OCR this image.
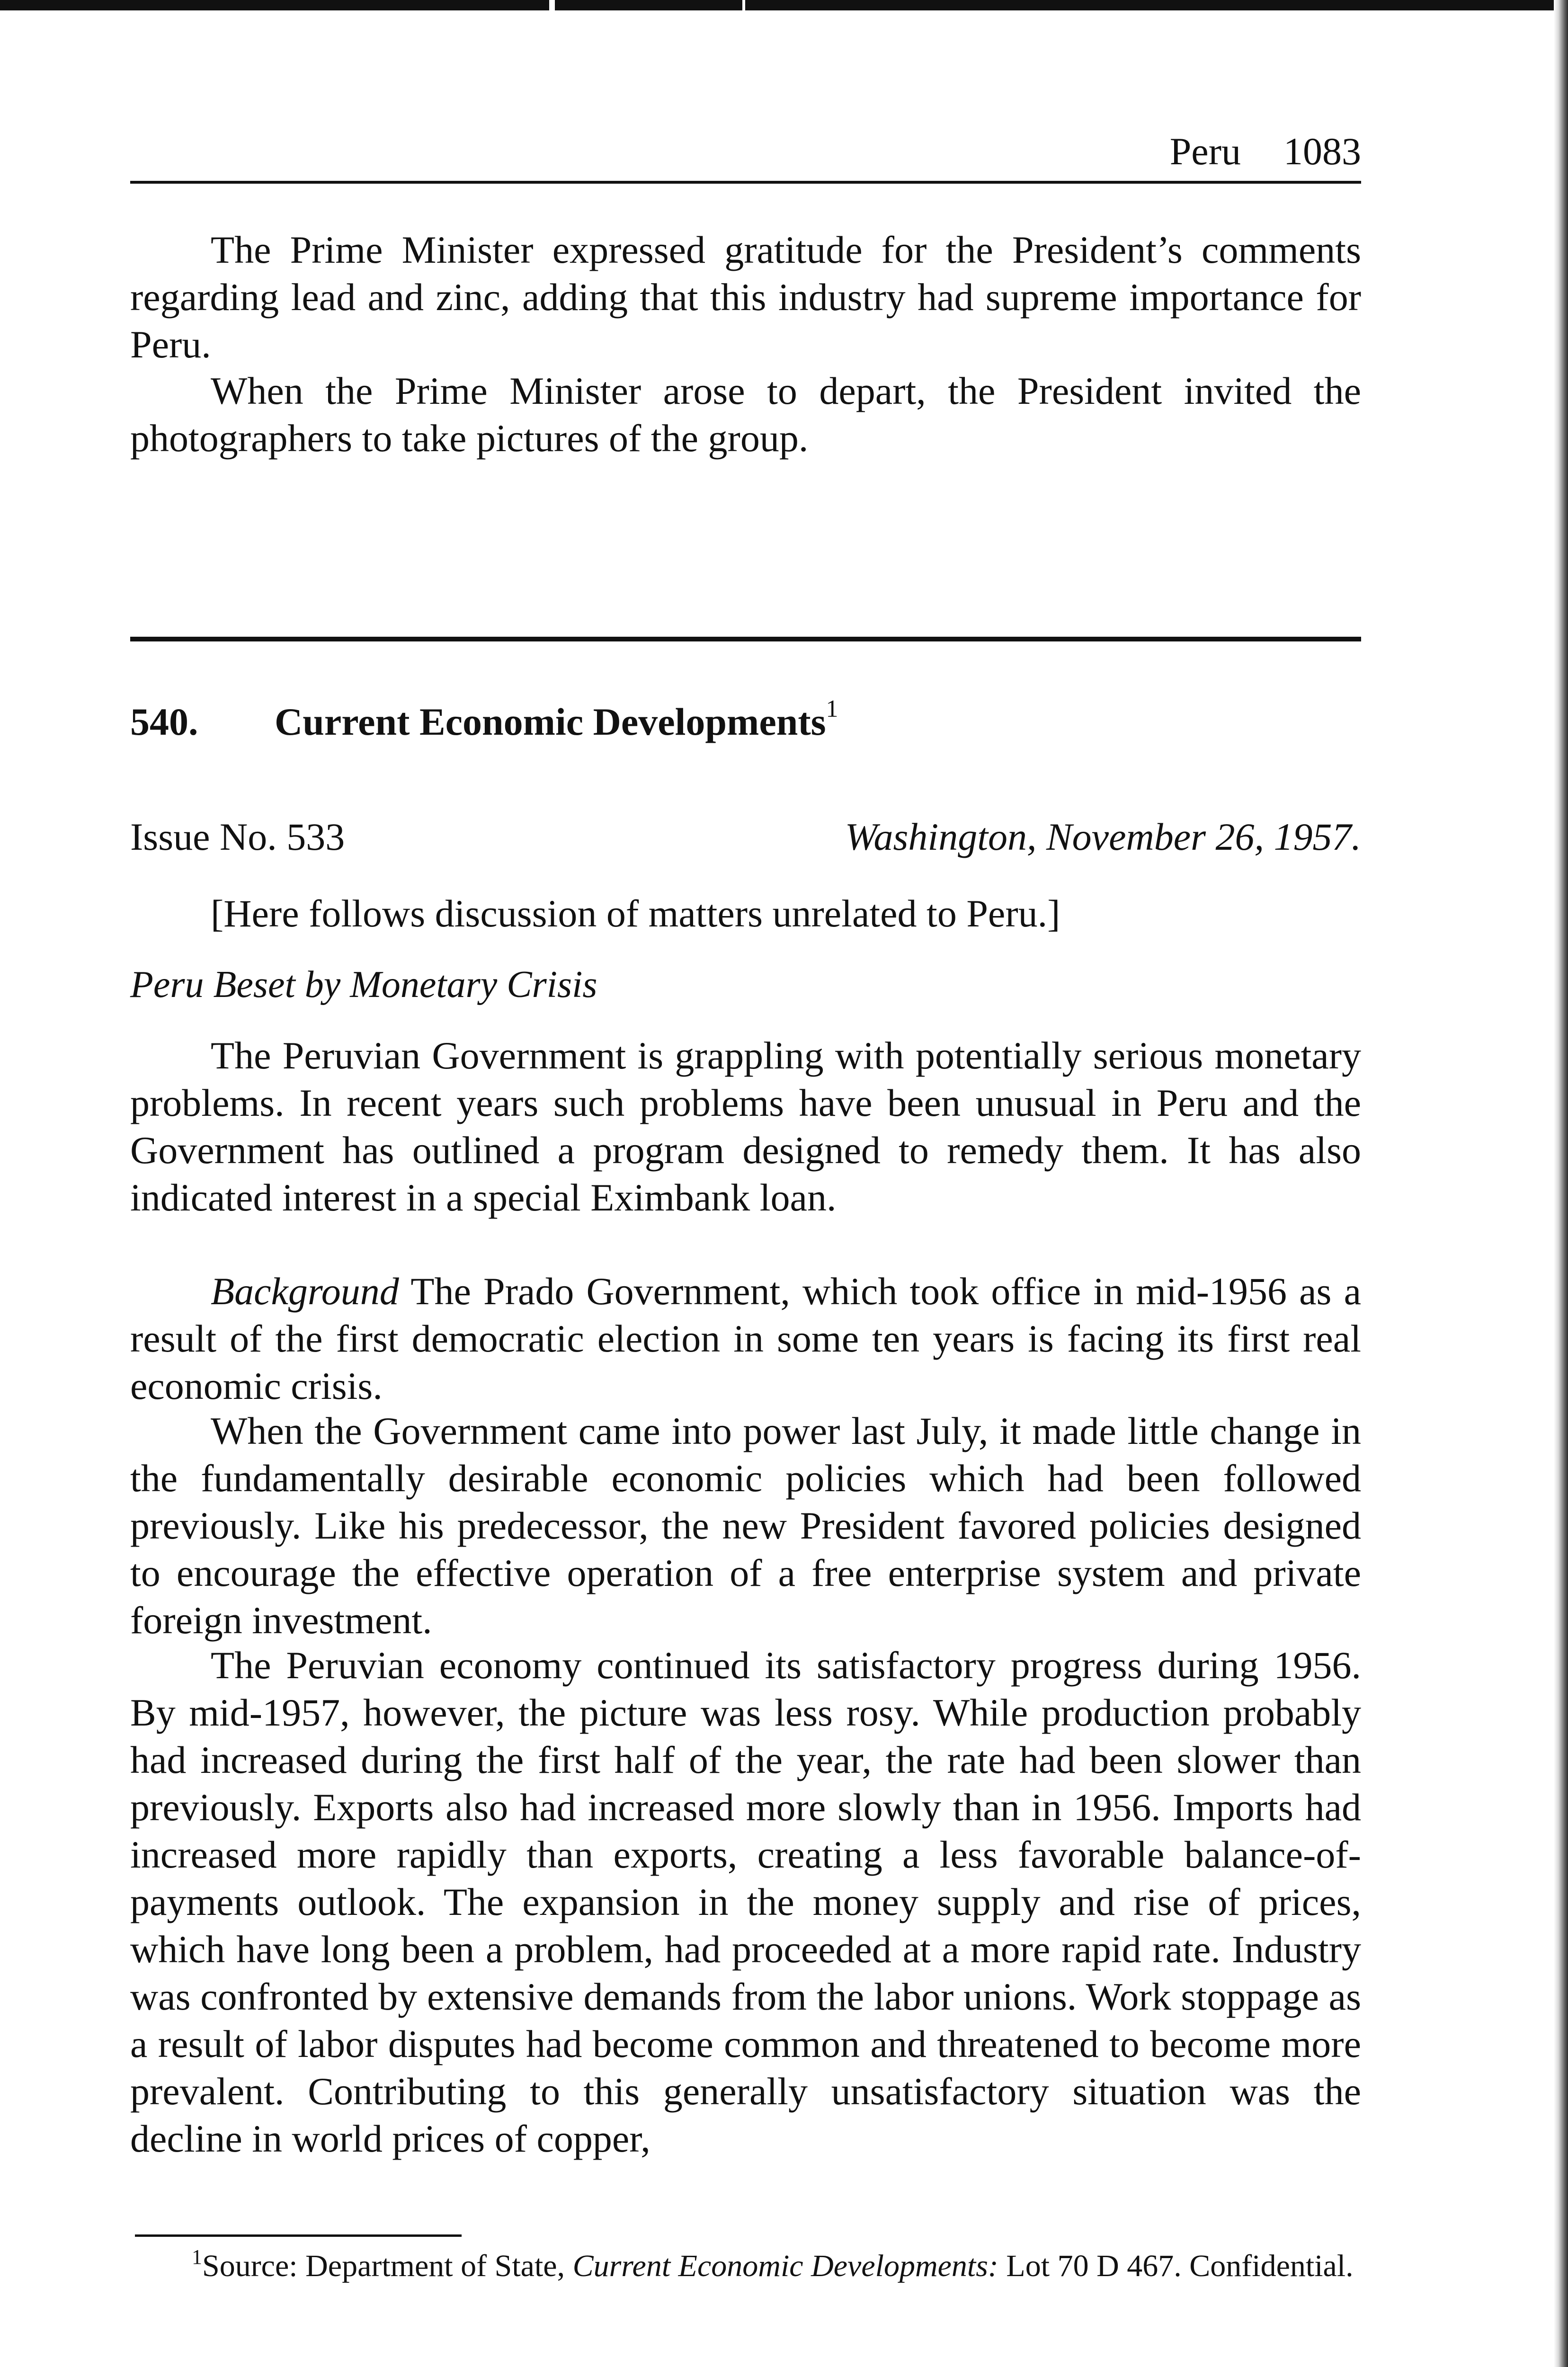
Peru 1083

The Prime Minister expressed gratitude for the President’s comments regarding lead and zinc, adding that this industry had supreme importance for Peru.

When the Prime Minister arose to depart, the President invited the photographers to take pictures of the group.

540. Current Economic Developments$^1$
Issue No. 533	Washington, November 26, 1957.
[Here follows discussion of matters unrelated to Peru.]
Peru Beset by Monetary Crisis

The Peruvian Government is grappling with potentially serious monetary problems. In recent years such problems have been unusual in Peru and the Government has outlined a program designed to remedy them. It has also indicated interest in a special Eximbank loan.

Background The Prado Government, which took office in mid-1956 as a result of the first democratic election in some ten years is facing its first real economic crisis.

When the Government came into power last July, it made little change in the fundamentally desirable economic policies which had been followed previously. Like his predecessor, the new President favored policies designed to encourage the effective operation of a free enterprise system and private foreign investment.

The Peruvian economy continued its satisfactory progress during 1956. By mid-1957, however, the picture was less rosy. While production probably had increased during the first half of the year, the rate had been slower than previously. Exports also had increased more slowly than in 1956. Imports had increased more rapidly than exports, creating a less favorable balance-of-payments outlook. The expansion in the money supply and rise of prices, which have long been a problem, had proceeded at a more rapid rate. Industry was confronted by extensive demands from the labor unions. Work stoppage as a result of labor disputes had become common and threatened to become more prevalent. Contributing to this generally unsatisfactory situation was the decline in world prices of copper,

$^1$Source: Department of State, Current Economic Developments: Lot 70 D 467. Confidential.
